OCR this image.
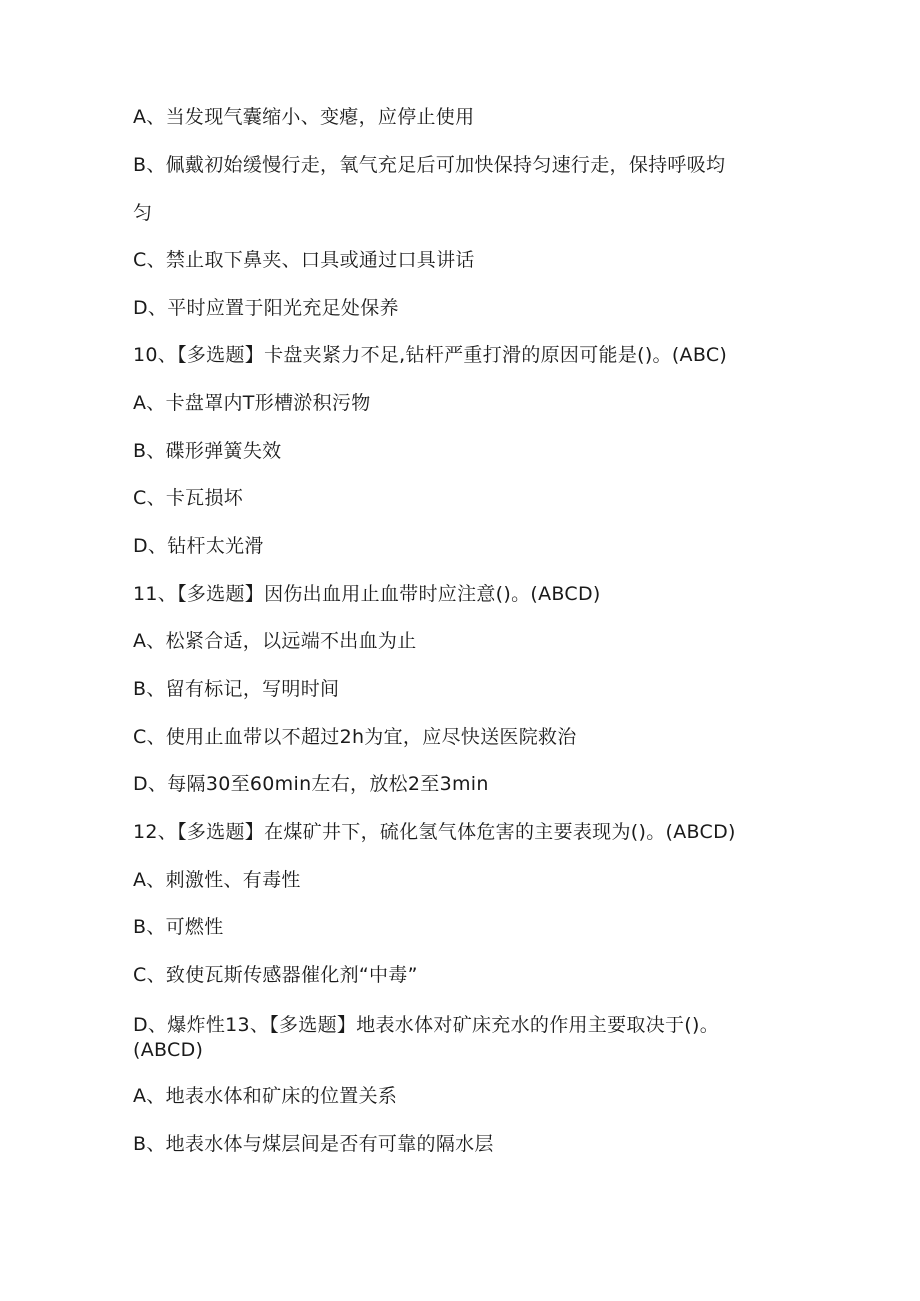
A、当发现气囊缩小、变瘪，应停止使用
B、佩戴初始缓慢行走，氧气充足后可加快保持匀速行走，保持呼吸均
匀
C、禁止取下鼻夹、口具或通过口具讲话
D、平时应置于阳光充足处保养
10、【多选题】卡盘夹紧力不足,钻杆严重打滑的原因可能是()。(ABC)
A、卡盘罩内T形槽淤积污物
B、碟形弹簧失效
C、卡瓦损坏
D、钻杆太光滑
11、【多选题】因伤出血用止血带时应注意()。(ABCD)
A、松紧合适，以远端不出血为止
B、留有标记，写明时间
C、使用止血带以不超过2h为宜，应尽快送医院救治
D、每隔30至60min左右，放松2至3min
12、【多选题】在煤矿井下，硫化氢气体危害的主要表现为()。(ABCD)
A、刺激性、有毒性
B、可燃性
C、致使瓦斯传感器催化剂“中毒”
D、爆炸性13、【多选题】地表水体对矿床充水的作用主要取决于()。
(ABCD)
A、地表水体和矿床的位置关系
B、地表水体与煤层间是否有可靠的隔水层
